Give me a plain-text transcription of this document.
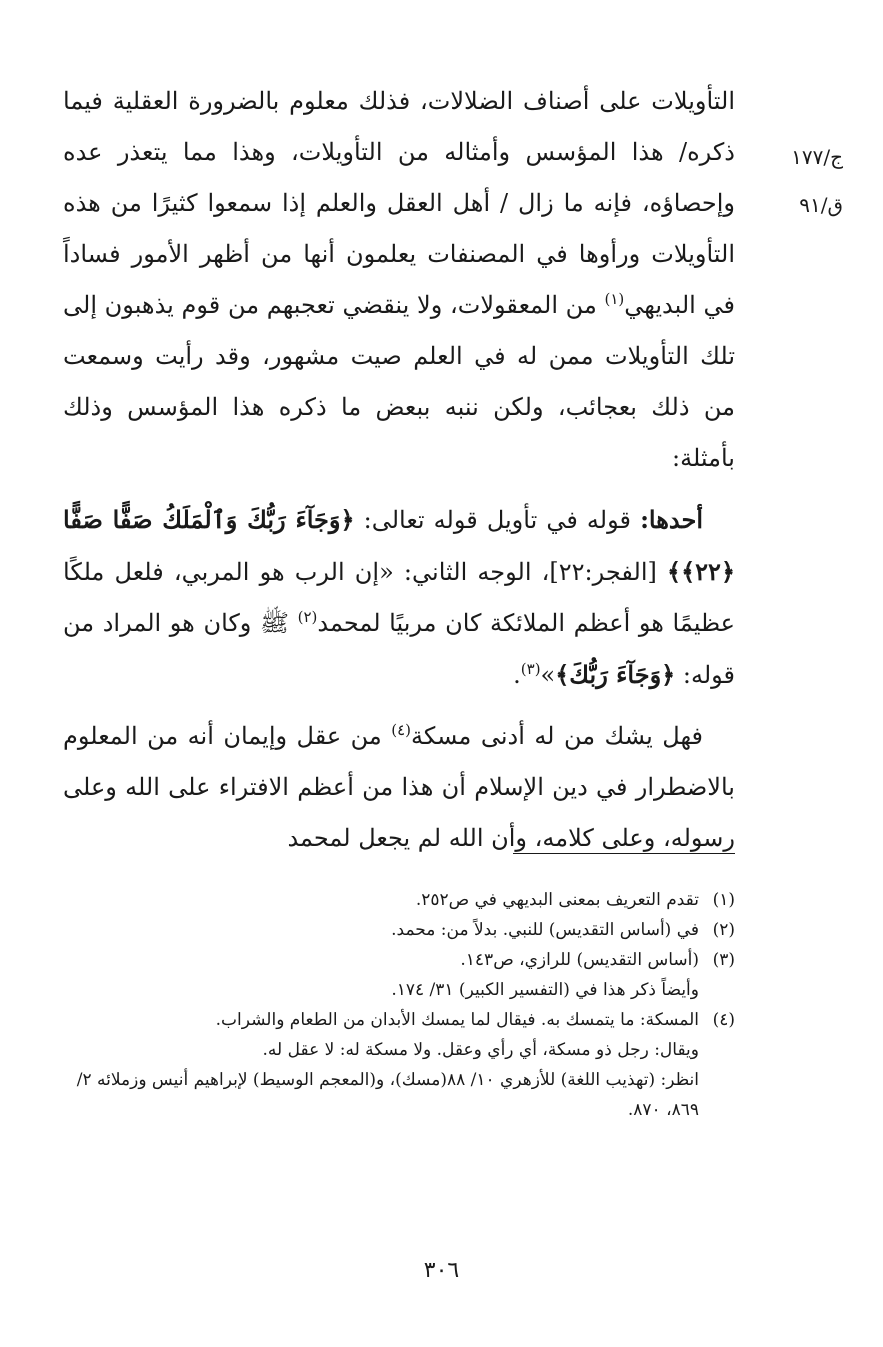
ج/١٧٧
ق/٩١

التأويلات على أصناف الضلالات، فذلك معلوم بالضرورة العقلية فيما ذكره/ هذا المؤسس وأمثاله من التأويلات، وهذا مما يتعذر عده وإحصاؤه، فإنه ما زال / أهل العقل والعلم إذا سمعوا كثيرًا من هذه التأويلات ورأوها في المصنفات يعلمون أنها من أظهر الأمور فساداً في البديهي$^{(١)}$ من المعقولات، ولا ينقضي تعجبهم من قوم يذهبون إلى تلك التأويلات ممن له في العلم صيت مشهور، وقد رأيت وسمعت من ذلك بعجائب، ولكن ننبه ببعض ما ذكره هذا المؤسس وذلك بأمثلة:

أحدها: قوله في تأويل قوله تعالى: ﴿وَجَآءَ رَبُّكَ وَٱلْمَلَكُ صَفًّا صَفًّا ﴿٢٢﴾﴾ [الفجر:٢٢]، الوجه الثاني: «إن الرب هو المربي، فلعل ملكًا عظيمًا هو أعظم الملائكة كان مربيًا لمحمد$^{(٢)}$ ﷺ وكان هو المراد من قوله: ﴿وَجَآءَ رَبُّكَ﴾»$^{(٣)}$.

فهل يشك من له أدنى مسكة$^{(٤)}$ من عقل وإيمان أنه من المعلوم بالاضطرار في دين الإسلام أن هذا من أعظم الافتراء على الله وعلى رسوله، وعلى كلامه، وأن الله لم يجعل لمحمد

(١)
تقدم التعريف بمعنى البديهي في ص٢٥٢.
(٢)
في (أساس التقديس) للنبي. بدلاً من: محمد.
(٣)
(أساس التقديس) للرازي، ص١٤٣.
وأيضاً ذكر هذا في (التفسير الكبير) ٣١/ ١٧٤.
(٤)
المسكة: ما يتمسك به. فيقال لما يمسك الأبدان من الطعام والشراب.
ويقال: رجل ذو مسكة، أي رأي وعقل. ولا مسكة له: لا عقل له.
انظر: (تهذيب اللغة) للأزهري ١٠/ ٨٨(مسك)، و(المعجم الوسيط) لإبراهيم أنيس وزملائه ٢/ ٨٦٩، ٨٧٠.
٣٠٦
